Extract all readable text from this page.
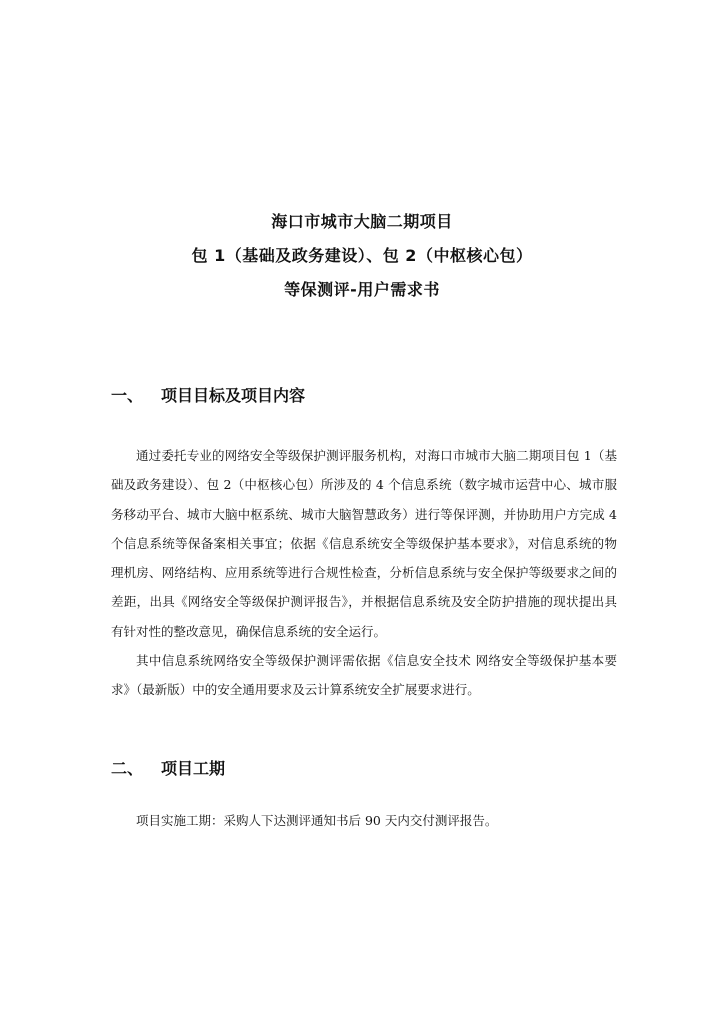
海口市城市大脑二期项目
包 1（基础及政务建设）、包 2（中枢核心包）
等保测评-用户需求书
一、 项目目标及项目内容

通过委托专业的网络安全等级保护测评服务机构，对海口市城市大脑二期项目包 1（基础及政务建设）、包 2（中枢核心包）所涉及的 4 个信息系统（数字城市运营中心、城市服务移动平台、城市大脑中枢系统、城市大脑智慧政务）进行等保评测，并协助用户方完成 4 个信息系统等保备案相关事宜；依据《信息系统安全等级保护基本要求》，对信息系统的物理机房、网络结构、应用系统等进行合规性检查，分析信息系统与安全保护等级要求之间的差距，出具《网络安全等级保护测评报告》，并根据信息系统及安全防护措施的现状提出具有针对性的整改意见，确保信息系统的安全运行。

其中信息系统网络安全等级保护测评需依据《信息安全技术 网络安全等级保护基本要求》（最新版）中的安全通用要求及云计算系统安全扩展要求进行。

二、 项目工期

项目实施工期：采购人下达测评通知书后 90 天内交付测评报告。
